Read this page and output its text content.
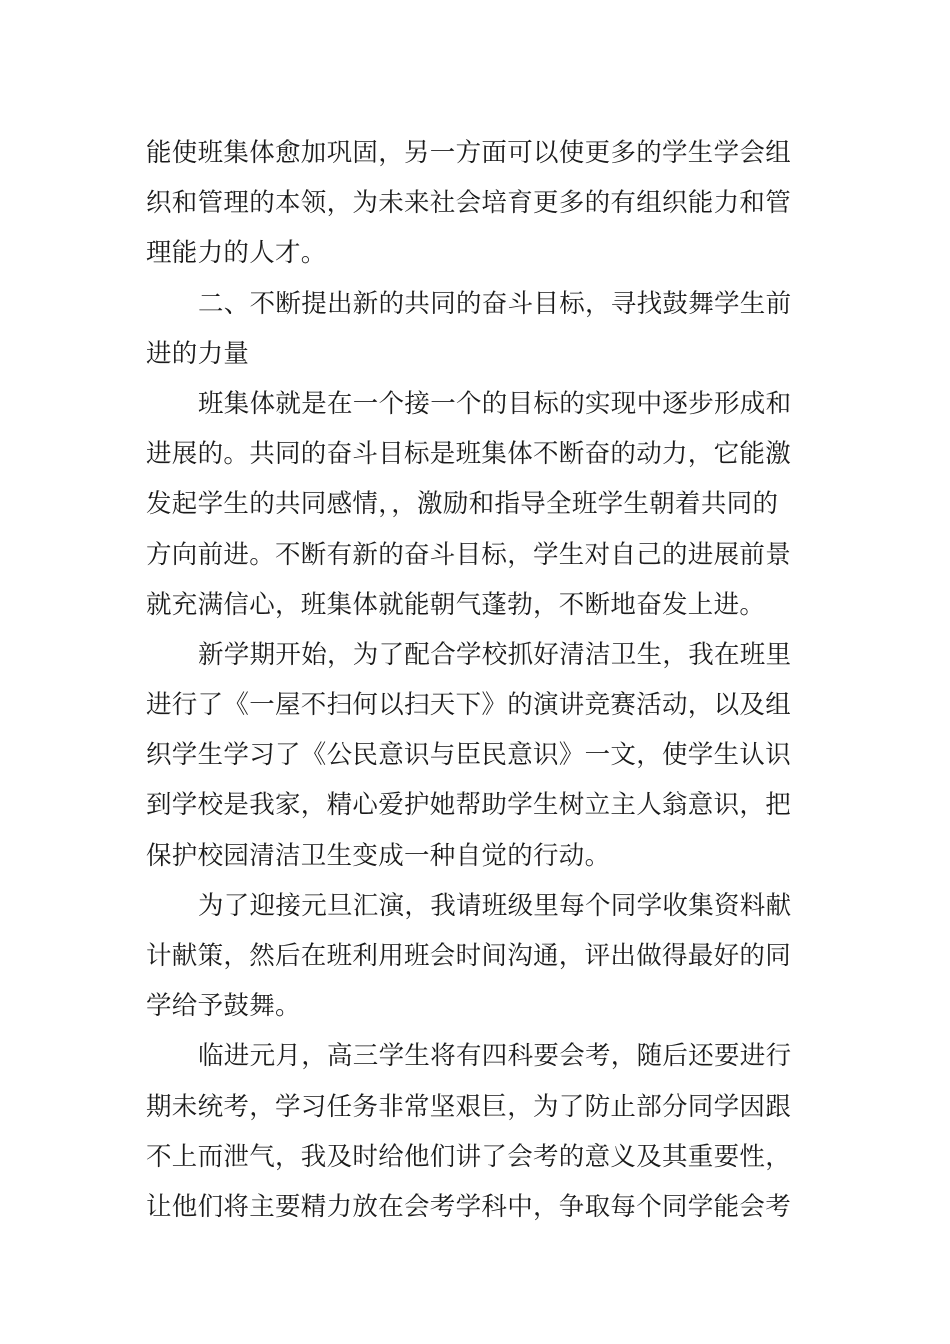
能使班集体愈加巩固，另一方面可以使更多的学生学会组
织和管理的本领，为未来社会培育更多的有组织能力和管
理能力的人才。
二、不断提出新的共同的奋斗目标，寻找鼓舞学生前
进的力量
班集体就是在一个接一个的目标的实现中逐步形成和
进展的。共同的奋斗目标是班集体不断奋的动力，它能激
发起学生的共同感情，，激励和指导全班学生朝着共同的
方向前进。不断有新的奋斗目标，学生对自己的进展前景
就充满信心，班集体就能朝气蓬勃，不断地奋发上进。
新学期开始，为了配合学校抓好清洁卫生，我在班里
进行了《一屋不扫何以扫天下》的演讲竞赛活动，以及组
织学生学习了《公民意识与臣民意识》一文，使学生认识
到学校是我家，精心爱护她帮助学生树立主人翁意识，把
保护校园清洁卫生变成一种自觉的行动。
为了迎接元旦汇演，我请班级里每个同学收集资料献
计献策，然后在班利用班会时间沟通，评出做得最好的同
学给予鼓舞。
临进元月，高三学生将有四科要会考，随后还要进行
期未统考，学习任务非常坚艰巨，为了防止部分同学因跟
不上而泄气，我及时给他们讲了会考的意义及其重要性，
让他们将主要精力放在会考学科中，争取每个同学能会考
